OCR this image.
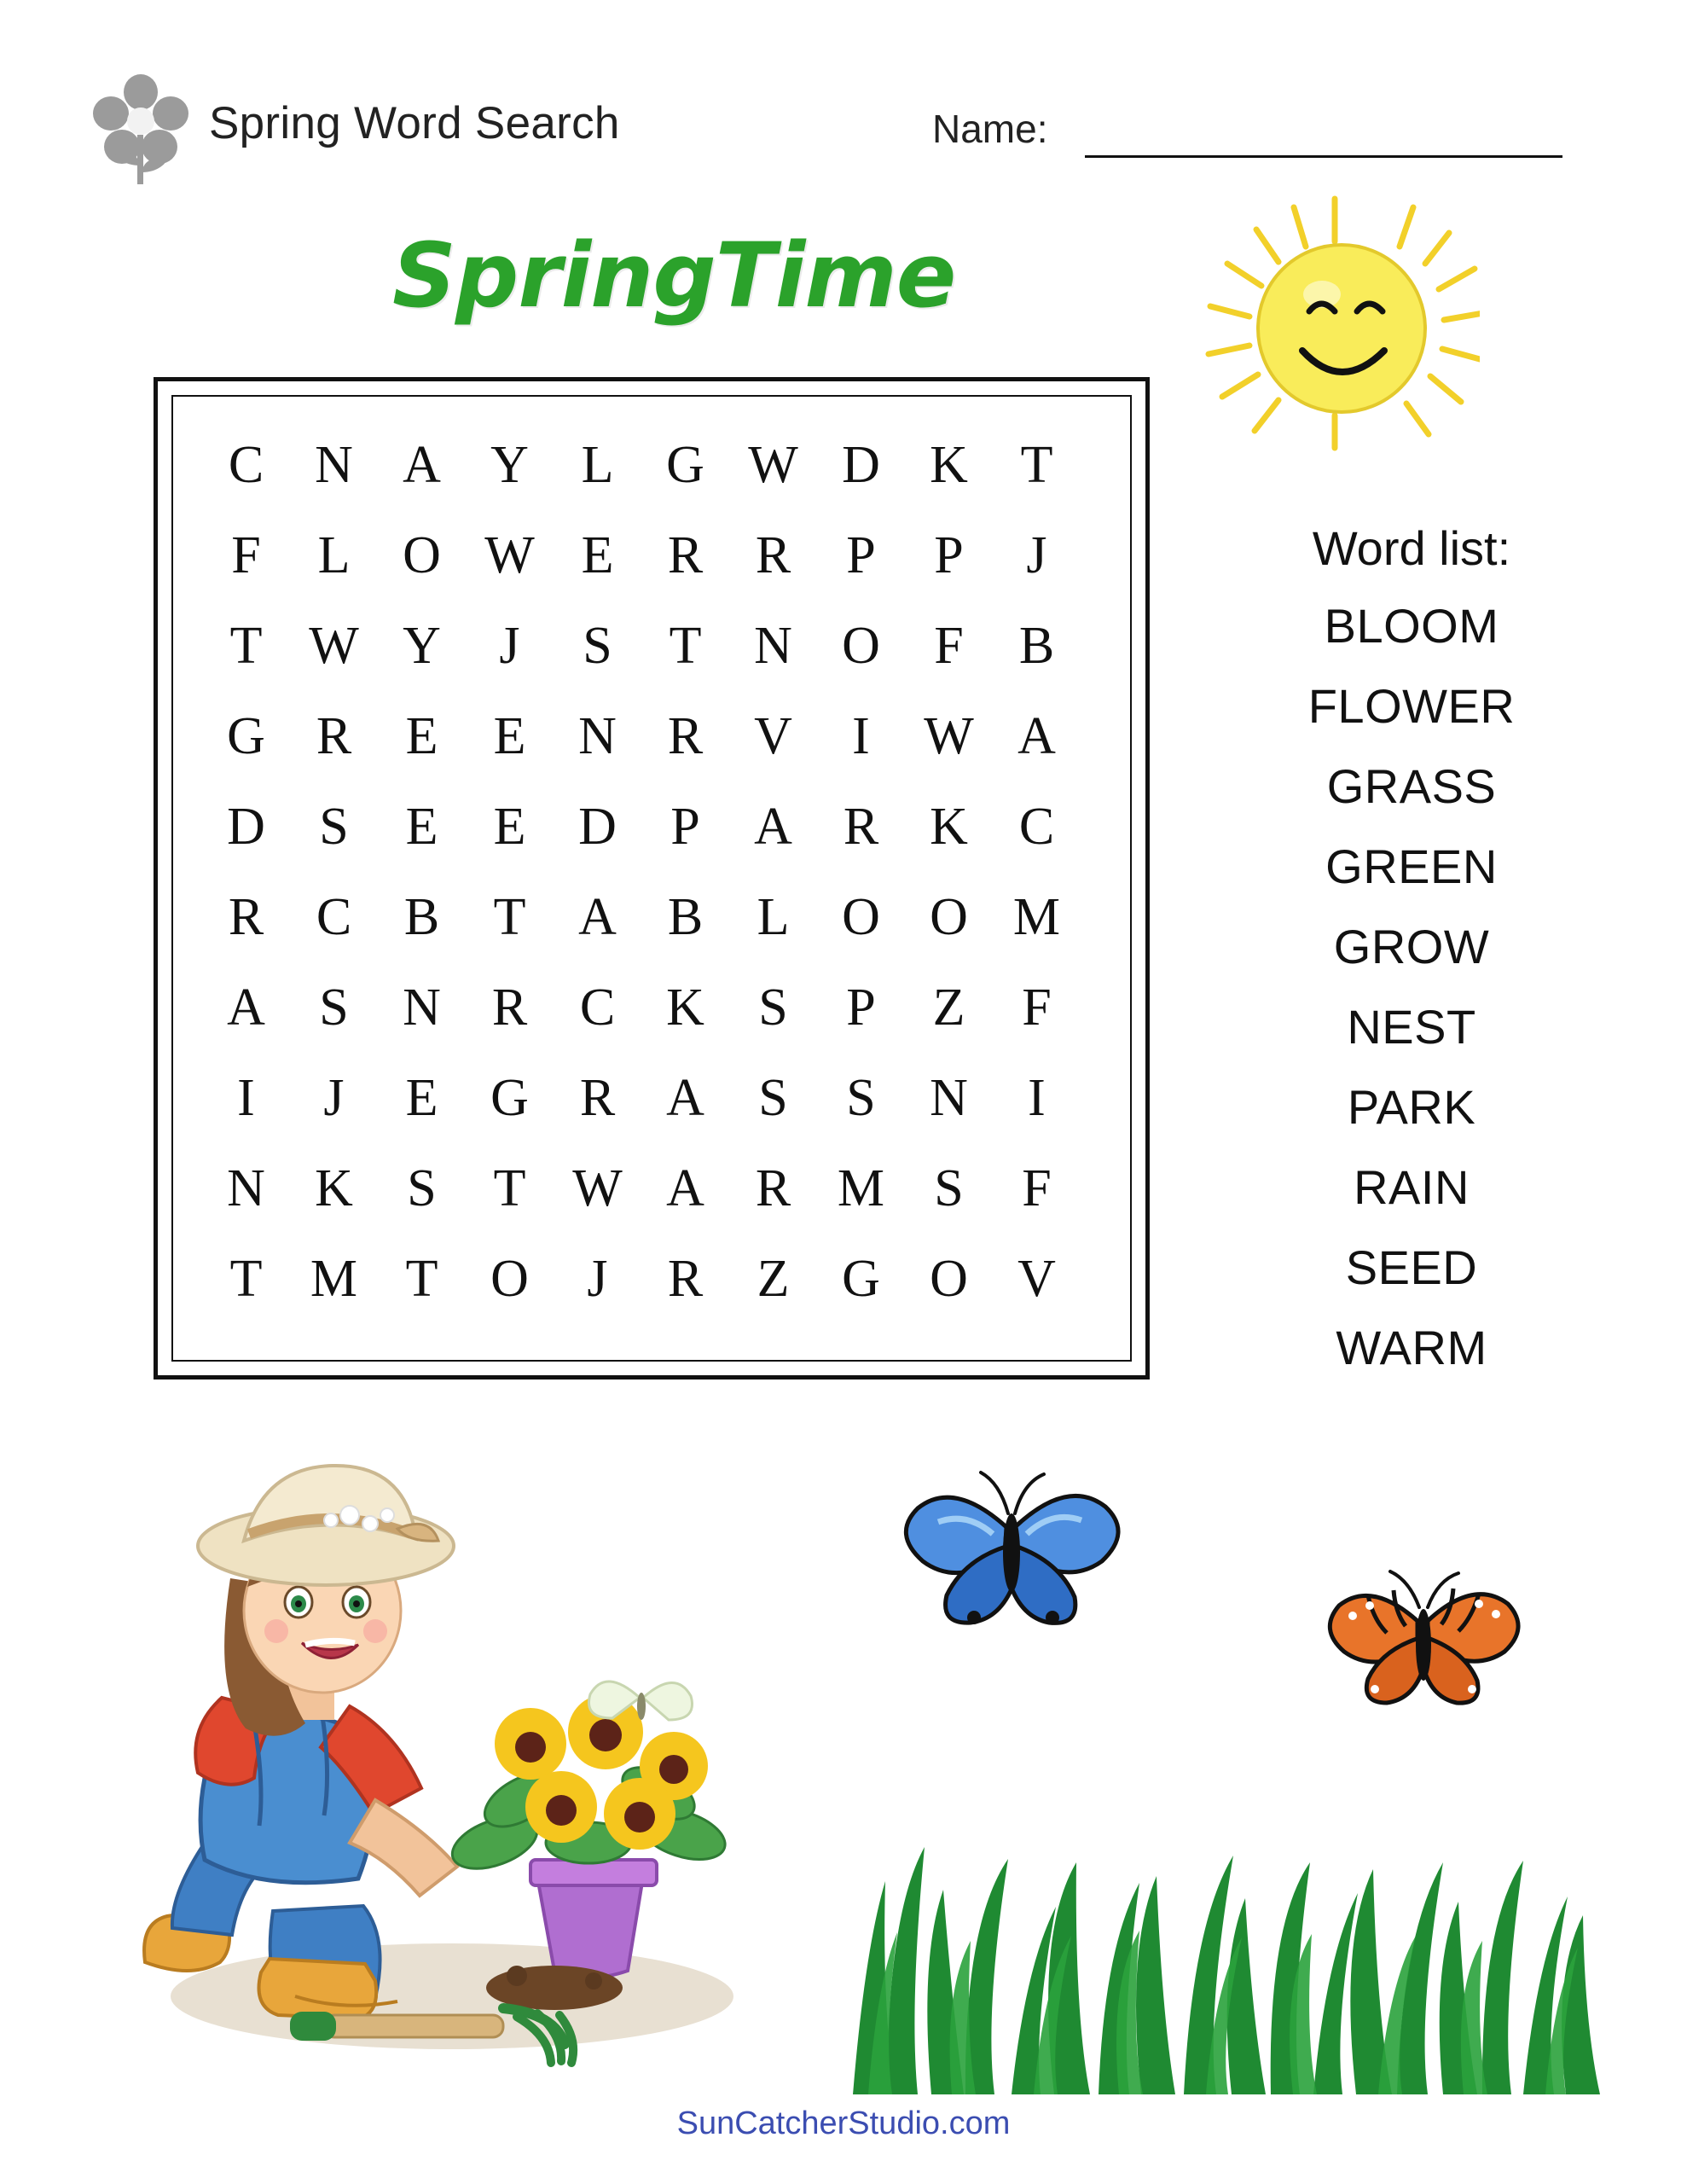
Spring Word Search	Name:
SpringTime
C N A Y L G W D K T
F	L O W E	R R	P	P	J
T W Y	J	S	T N O	F	B
G R	E	E N R V	I	W A
D	S	E	E D	P	A R K C
R C B	T A B	L O O M
A	S	N R C K	S	P	Z	F
I	J	E G R A	S	S	N	I
N K	S	T W A R M S	F
T M T O	J	R	Z G O V
Word list:
BLOOM
FLOWER
GRASS
GREEN
GROW
NEST
PARK
RAIN
SEED
WARM
SunCatcherStudio.com
